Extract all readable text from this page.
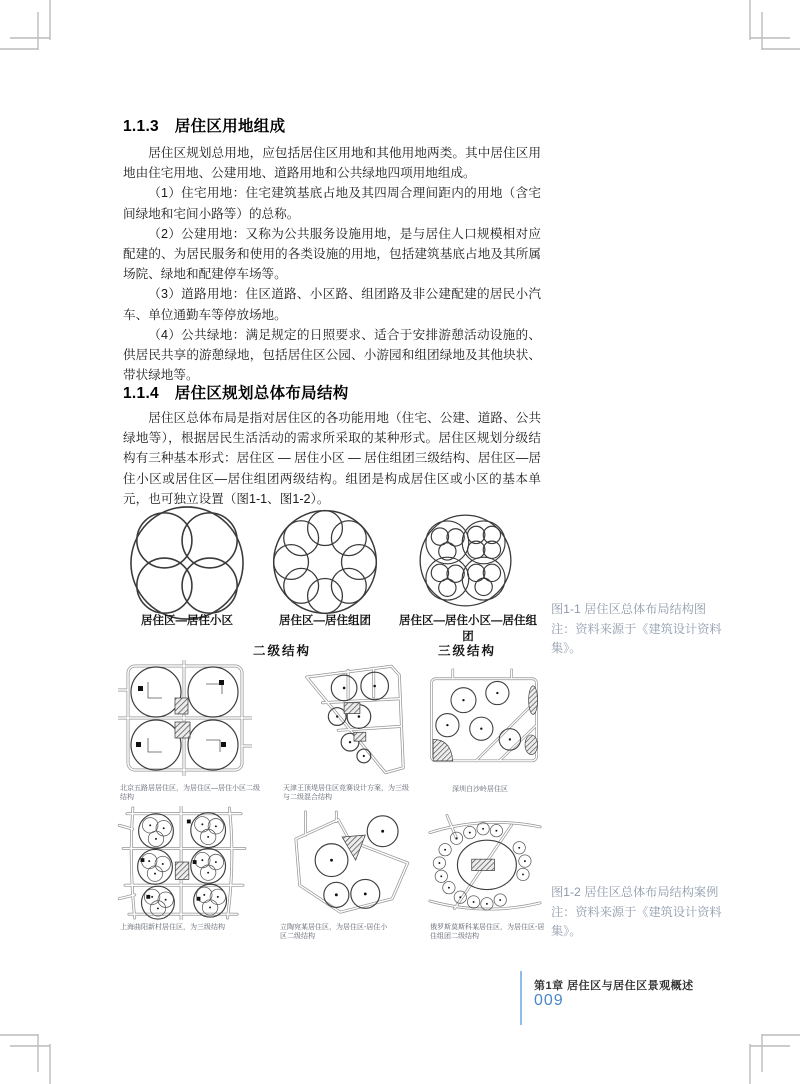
1.1.3　居住区用地组成

居住区规划总用地，应包括居住区用地和其他用地两类。其中居住区用地由住宅用地、公建用地、道路用地和公共绿地四项用地组成。

（1）住宅用地：住宅建筑基底占地及其四周合理间距内的用地（含宅间绿地和宅间小路等）的总称。

（2）公建用地：又称为公共服务设施用地，是与居住人口规模相对应配建的、为居民服务和使用的各类设施的用地，包括建筑基底占地及其所属场院、绿地和配建停车场等。

（3）道路用地：住区道路、小区路、组团路及非公建配建的居民小汽车、单位通勤车等停放场地。

（4）公共绿地：满足规定的日照要求、适合于安排游憩活动设施的、供居民共享的游憩绿地，包括居住区公园、小游园和组团绿地及其他块状、带状绿地等。

1.1.4　居住区规划总体布局结构

居住区总体布局是指对居住区的各功能用地（住宅、公建、道路、公共绿地等），根据居民生活活动的需求所采取的某种形式。居住区规划分级结构有三种基本形式：居住区 — 居住小区 — 居住组团三级结构、居住区—居住小区或居住区—居住组团两级结构。组团是构成居住区或小区的基本单元，也可独立设置（图1-1、图1-2）。

居住区—居住小区	居住区—居住组团	居住区—居住小区—居住组团
二级结构	三级结构

图1-1 居住区总体布局结构图

注：资料来源于《建筑设计资料集》。

北京五路居居住区，为居住区—居住小区二级结构
天津王顶堤居住区竞赛设计方案，为三级与二级混合结构
深圳白沙岭居住区
上海曲阳新村居住区，为三级结构	立陶宛某居住区，为居住区-居住小区二级结构
俄罗斯莫斯科某居住区，为居住区-居住组团二级结构

图1-2 居住区总体布局结构案例

注：资料来源于《建筑设计资料集》。

第1章 居住区与居住区景观概述
009
